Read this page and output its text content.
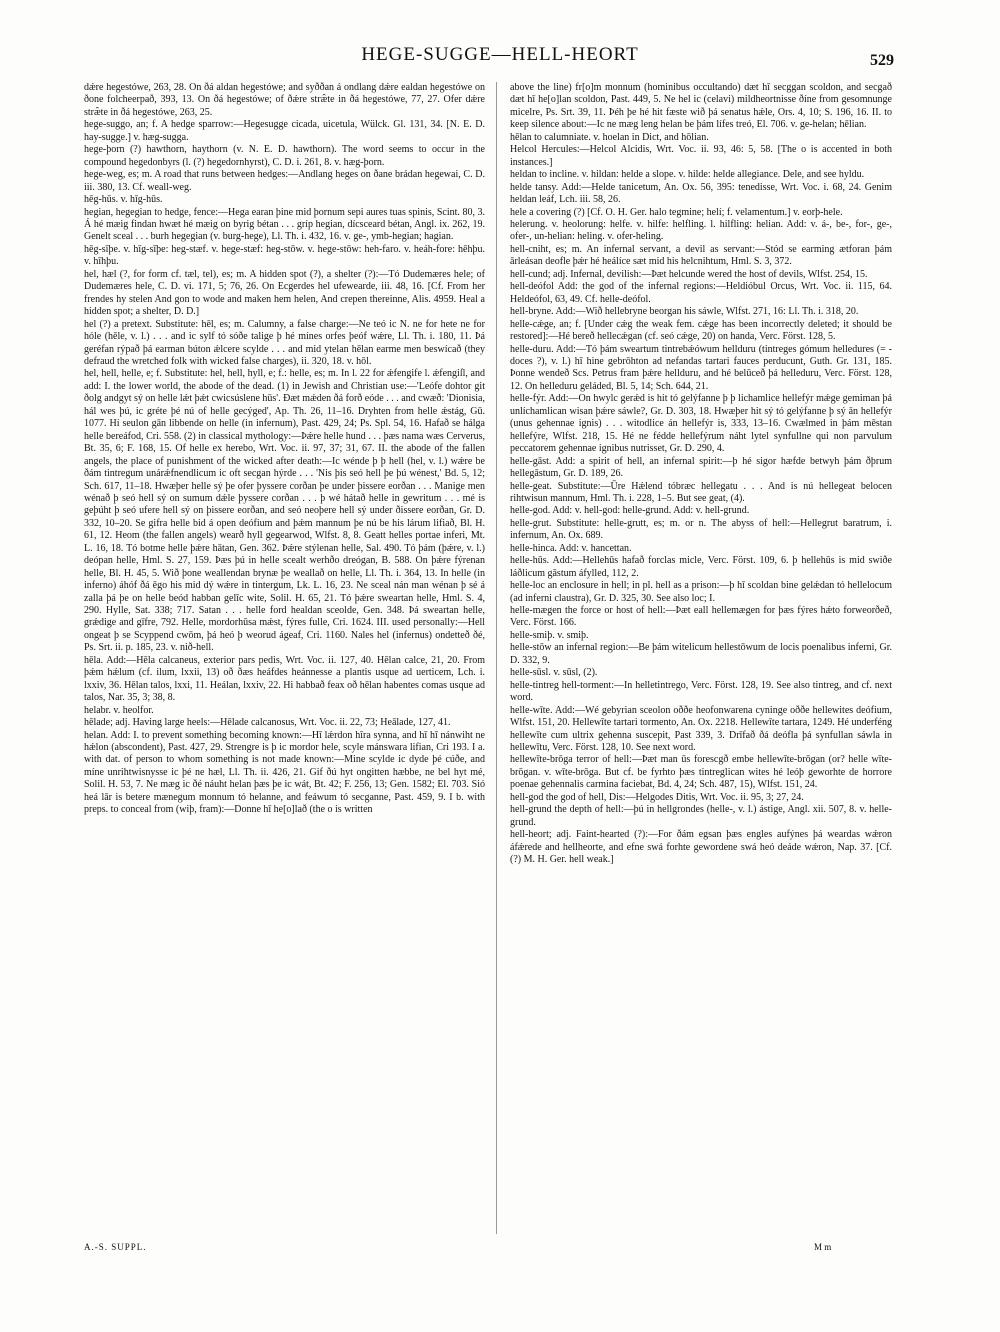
HEGE-SUGGE—HELL-HEORT	529

dǽre hegestówe, 263, 28. On ðá aldan hegestówe; and syððan á ondlang dǽre ealdan hegestówe on ðone folcheerpað, 393, 13. On ðá hegestówe; of ðǽre stræ̂te in ðá hegestówe, 77, 27. Ofer dǽre stræ̂te in ðá hegestówe, 263, 25.

hege-suggo, an; f. A hedge sparrow:—Hegesugge cicada, uicetula, Wülck. Gl. 131, 34. [N. E. D. hay-sugge.] v. hæg-sugga.

hege-þorn (?) hawthorn, haythorn (v. N. E. D. hawthorn). The word seems to occur in the compound hegedonbyrs (l. (?) hegedornhyrst), C. D. i. 261, 8. v. hæg-þorn.

hege-weg, es; m. A road that runs between hedges:—Andlang heges on ðane brádan hegewai, C. D. iii. 380, 13. Cf. weall-weg.

hēg-hūs. v. hīg-hūs.

hegian, hegegian to hedge, fence:—Hega earan þine mid þornum sepi aures tuas spinis, Scint. 80, 3. Á hé mæig findan hwæt hé mæig on byrig bétan . . . gríp hegian, dícsceard bétan, Angl. ix. 262, 19. Genelt sceal . . . burh hegegian (v. burg-hege), Ll. Th. i. 432, 16. v. ge-, ymb-hegian; hagian.

hēg-sīþe. v. hīg-sīþe: heg-stæf. v. hege-stæf: heg-stōw. v. hege-stōw: heh-faro. v. heáh-fore: hēhþu. v. hīhþu.

hel, hæl (?, for form cf. tæl, tel), es; m. A hidden spot (?), a shelter (?):—Tó Dudemæres hele; of Dudemæres hele, C. D. vi. 171, 5; 76, 26. On Ecgerdes hel ufewearde, iii. 48, 16. [Cf. From her frendes hy stelen And gon to wode and maken hem helen, And crepen thereinne, Alis. 4959. Heal a hidden spot; a shelter, D. D.]

hel (?) a pretext. Substitute: hēl, es; m. Calumny, a false charge:—Ne teó ic N. ne for hete ne for hóle (hēle, v. l.) . . . and ic sylf tó sóðe talige þ hé mínes orfes þeóf wǽre, Ll. Th. i. 180, 11. Þá geréfan rýpað þá earman búton ǽlcere scylde . . . and mid ytelan hēlan earme men beswícað (they defraud the wretched folk with wicked false charges), ii. 320, 18. v. hōl.

hel, hell, helle, e; f. Substitute: hel, hell, hyll, e; f.: helle, es; m. In l. 22 for ǽfengife l. ǽfengiſl, and add: I. the lower world, the abode of the dead. (1) in Jewish and Christian use:—'Leófe dohtor git ðolg andgyt sý on helle lǽt þǽt cwicsúslene hūs'. Ðæt mǽden ðá forð eóde . . . and cwæð: 'Dionisia, hál wes þú, ic gréte þé nú of helle gecýged', Ap. Th. 26, 11–16. Dryhten from helle ǽstág, Gū. 1077. Hí seulon gān libbende on helle (in infernum), Past. 429, 24; Ps. Spl. 54, 16. Hafað se hálga helle bereáfod, Cri. 558. (2) in classical mythology:—Þǽre helle hund . . . þæs nama wæs Cerverus, Bt. 35, 6; F. 168, 15. Of helle ex herebo, Wrt. Voc. ii. 97, 37; 31, 67. II. the abode of the fallen angels, the place of punishment of the wicked after death:—Ic wénde þ þ hell (hel, v. l.) wǽre be ðám tintregum unárǽfnendlicum ic oft secgan hýrde . . . 'Nis þis seó hell þe þú wénest,' Bd. 5, 12; Sch. 617, 11–18. Hwæþer helle sý þe ofer þyssere corðan þe under þissere eorðan . . . Manige men wénað þ seó hell sý on sumum dǽle þyssere corðan . . . þ wé hátað helle in gewritum . . . mé is geþúht þ seó ufere hell sý on þissere eorðan, and seó neoþere hell sý under ðissere eorðan, Gr. D. 332, 10–20. Se gifra helle bid á open deófium and þǽm mannum þe nú be his lárum lifiað, Bl. H. 61, 12. Heom (the fallen angels) wearð hyll gegearwod, Wlfst. 8, 8. Geatt helles portae inferi, Mt. L. 16, 18. Tó botme helle þǽre hātan, Gen. 362. Þǽre stýlenan helle, Sal. 490. Tó þám (þǽre, v. l.) deópan helle, Hml. S. 27, 159. Þæs þú in helle scealt werhðo dreógan, B. 588. On þǽre fýrenan helle, Bl. H. 45, 5. Wið þone weallendan brynæ þe weallað on helle, Ll. Th. i. 364, 13. In helle (in inferno) áhóf ðá ēgo his mid dý wǽre in tintergum, Lk. L. 16, 23. Ne sceal nán man wénan þ sé á zalla þá þe on helle beód habban gelīc wite, Solil. H. 65, 21. Tó þǽre sweartan helle, Hml. S. 4, 290. Hylle, Sat. 338; 717. Satan . . . helle ford healdan sceolde, Gen. 348. Þá sweartan helle, grǽdige and gīfre, 792. Helle, mordorhūsa mǽst, fýres fulle, Cri. 1624. III. used personally:—Hell ongeat þ se Scyppend cwōm, þá heó þ weorud ágeaf, Cri. 1160. Nales hel (infernus) ondetteð ðé, Ps. Srt. ii. p. 185, 23. v. nið-hell.

hēla. Add:—Hēla calcaneus, exterior pars pedis, Wrt. Voc. ii. 127, 40. Hēlan calce, 21, 20. From þǽm hǽlum (cf. ilum, lxxii, 13) oð ðæs heáfdes heánnesse a plantis usque ad uerticem, Lch. i. lxxiv, 36. Hēlan talos, lxxi, 11. Heálan, lxxiv, 22. Hi habbað feax oð hēlan habentes comas usque ad talos, Nar. 35, 3; 38, 8.

helabr. v. heolfor.

hēlade; adj. Having large heels:—Hēlade calcanosus, Wrt. Voc. ii. 22, 73; Heālade, 127, 41.

helan. Add: I. to prevent something becoming known:—Hī lǽrdon hīra synna, and hī hī nánwiht ne hǽlon (abscondent), Past. 427, 29. Strengre is þ ic mordor hele, scyle mánswara lifian, Cri 193. I a. with dat. of person to whom something is not made known:—Mine scylde ic dyde þé cúðe, and míne unrihtwisnysse ic þé ne hæl, Ll. Th. ii. 426, 21. Gif ðú hyt ongitten hæbbe, ne bel hyt mé, Solil. H. 53, 7. Ne mæg ic ðé náuht helan þæs þe ic wát, Bt. 42; F. 256, 13; Gen. 1582; El. 703. Sió heá lār is betere mænegum monnum tó helanne, and feáwum tó secganne, Past. 459, 9. I b. with preps. to conceal from (wiþ, fram):—Donne hī he[o]lað (the o is written

above the line) fr[o]m monnum (hominibus occultando) dæt hī secggan scoldon, and secgað dæt hī he[o]lan scoldon, Past. 449, 5. Ne hel ic (celavi) mildheortnisse ðíne from gesomnunge micelre, Ps. Srt. 39, 11. Þéh þe hé hit fæste wið þá senatus hǽle, Ors. 4, 10; S. 196, 16. II. to keep silence about:—Ic ne mæg leng helan be þám lífes treó, El. 706. v. ge-helan; hēlian.

hēlan to calumniate. v. hoelan in Dict, and hōlian.

Helcol Hercules:—Helcol Alcidis, Wrt. Voc. ii. 93, 46: 5, 58. [The o is accented in both instances.]

heldan to incline. v. hildan: helde a slope. v. hilde: helde allegiance. Dele, and see hyldu.

helde tansy. Add:—Helde tanicetum, An. Ox. 56, 395: tenedisse, Wrt. Voc. i. 68, 24. Genim heldan leáf, Lch. iii. 58, 26.

hele a covering (?) [Cf. O. H. Ger. halo tegmine; helí; f. velamentum.] v. eorþ-hele.

helerung. v. heolorung: helfe. v. hilfe: helfling. l. hilfling: helian. Add: v. á-, be-, for-, ge-, ofer-, un-helian: heling. v. ofer-heling.

hell-cniht, es; m. An infernal servant, a devil as servant:—Stód se earming ætforan þám ārleásan deofle þǽr hé heálíce sæt mid his helcnihtum, Hml. S. 3, 372.

hell-cund; adj. Infernal, devilish:—Þæt helcunde wered the host of devils, Wlfst. 254, 15.

hell-deófol Add: the god of the infernal regions:—Heldióbul Orcus, Wrt. Voc. ii. 115, 64. Heldeófol, 63, 49. Cf. helle-deófol.

hell-bryne. Add:—Wið hellebryne beorgan his sáwle, Wlfst. 271, 16: Ll. Th. i. 318, 20.

helle-cǽge, an; f. [Under cǽg the weak fem. cǽge has been incorrectly deleted; it should be restored]:—Hé bereð hellecǽgan (cf. seó cǽge, 20) on handa, Verc. Först. 128, 5.

helle-duru. Add:—Tó þám sweartum tintrebǽówum hellduru (tintreges gómum helledures (= -doces ?), v. l.) hī hine gebrōhton ad nefandas tartari fauces perducunt, Guth. Gr. 131, 185. Þonne wendeð Scs. Petrus fram þǽre hellduru, and hé belūceð þá helleduru, Verc. Först. 128, 12. On helleduru geláded, Bl. 5, 14; Sch. 644, 21.

helle-fýr. Add:—On hwylc gerǽd is hit tó gelýfanne þ þ lichamlice hellefýr mǽge gemiman þá unlíchamlican wisan þǽre sáwle?, Gr. D. 303, 18. Hwæþer hit sý tó gelýfanne þ sý ān hellefýr (unus gehennae ignis) . . . witodlice án hellefýr is, 333, 13–16. Cwælmed in þám mēstan hellefýre, Wlfst. 218, 15. Hé ne fédde hellefýrum náht lytel synfullne qui non parvulum peccatorem gehennae ignibus nutrisset, Gr. D. 290, 4.

helle-gāst. Add: a spirit of hell, an infernal spirit:—þ hé sigor hæfde betwyh þám ðþrum hellegāstum, Gr. D. 189, 26.

helle-geat. Substitute:—Ūre Hǽlend tóbræc hellegatu . . . And is nú hellegeat belocen rihtwisun mannum, Hml. Th. i. 228, 1–5. But see geat, (4).

helle-god. Add: v. hell-god: helle-grund. Add: v. hell-grund.

helle-grut. Substitute: helle-grutt, es; m. or n. The abyss of hell:—Hellegrut baratrum, i. infernum, An. Ox. 689.

helle-hinca. Add: v. hancettan.

helle-hūs. Add:—Hellehūs hafað forclas micle, Verc. Först. 109, 6. þ hellehūs is mid swiðe láðlicum gāstum áfylled, 112, 2.

helle-loc an enclosure in hell; in pl. hell as a prison:—þ hī scoldan bine gelǽdan tó hellelocum (ad inferni claustra), Gr. D. 325, 30. See also loc; I.

helle-mægen the force or host of hell:—Þæt eall hellemægen for þæs fýres hǽto forweorðeð, Verc. Först. 166.

helle-smiþ. v. smiþ.

helle-stōw an infernal region:—Be þám witelicum hellestōwum de locis poenalibus inferni, Gr. D. 332, 9.

helle-sūsl. v. sūsl, (2).

helle-tintreg hell-torment:—In helletintrego, Verc. Först. 128, 19. See also tintreg, and cf. next word.

helle-wīte. Add:—Wé gebyrian sceolon oððe heofonwarena cyninge oððe hellewites deófium, Wlfst. 151, 20. Hellewīte tartari tormento, An. Ox. 2218. Hellewīte tartara, 1249. Hé underféng hellewīte cum ultrix gehenna suscepit, Past 339, 3. Drīfað ðá deófla þá synfullan sáwla in hellewītu, Verc. Först. 128, 10. See next word.

hellewīte-brōga terror of hell:—Þæt man ūs forescgð embe hellewīte-brōgan (or? helle wīte-brōgan. v. wīte-brōga. But cf. be fyrhto þæs tintreglican wites hé leóþ geworhte de horrore poenae gehennalis carmina faciebat, Bd. 4, 24; Sch. 487, 15), Wlfst. 151, 24.

hell-god the god of hell, Dis:—Helgodes Ditis, Wrt. Voc. ii. 95, 3; 27, 24.

hell-grund the depth of hell:—þú in hellgrondes (helle-, v. l.) ástige, Angl. xii. 507, 8. v. helle-grund.

hell-heort; adj. Faint-hearted (?):—For ðám egsan þæs engles aufýnes þá weardas wǽron áfǽrede and hellheorte, and efne swá forhte gewordene swá heó deáde wǽron, Nap. 37. [Cf. (?) M. H. Ger. hell weak.]

A.-S. SUPPL.	M m
